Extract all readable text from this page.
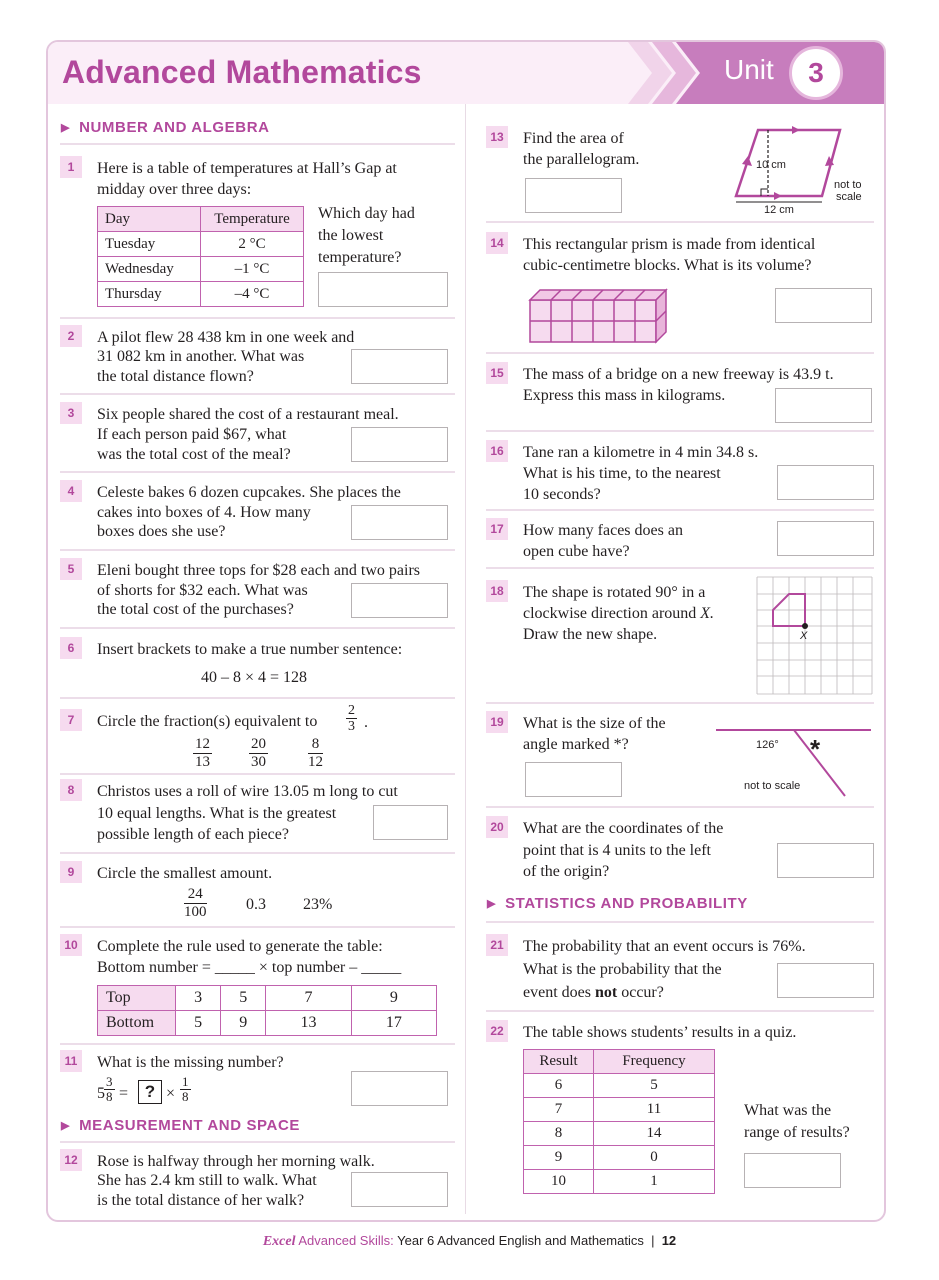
Advanced Mathematics	Unit	3
▶ NUMBER AND ALGEBRA
1	Here is a table of temperatures at Hall’s Gap at
midday over three days:
Day	Temperature
Tuesday	2 °C
Wednesday	–1 °C
Thursday	–4 °C
Which day had
the lowest
temperature?
2	A pilot flew 28 438 km in one week and
31 082 km in another. What was
the total distance flown?
3	Six people shared the cost of a restaurant meal.
If each person paid $67, what
was the total cost of the meal?
4	Celeste bakes 6 dozen cupcakes. She places the
cakes into boxes of 4. How many
boxes does she use?
5	Eleni bought three tops for $28 each and two pairs
of shorts for $32 each. What was
the total cost of the purchases?
6	Insert brackets to make a true number sentence:
40 – 8 × 4 = 128
7	Circle the fraction(s) equivalent to $\frac{2}{3}$ .
$\frac{12}{13} \frac{20}{30}$	$\frac{8}{12}$
8	Christos uses a roll of wire 13.05 m long to cut
10 equal lengths. What is the greatest
possible length of each piece?
9	Circle the smallest amount.
$\frac{24}{100} 0.3$ 23%
10 Complete the rule used to generate the table:
Bottom number = _____ × top number – _____
Top	3	5	7	9
Bottom	5	9	13	17
11 What is the missing number?
$5 \frac{3}{8}$ = ? × $\frac{1}{8}$
▶ MEASUREMENT AND SPACE
12 Rose is halfway through her morning walk.
She has 2.4 km still to walk. What
is the total distance of her walk?
13 Find the area of
the parallelogram.	10 cm
12 cm
not to
scale
14 This rectangular prism is made from identical
cubic-centimetre blocks. What is its volume?
15 The mass of a bridge on a new freeway is 43.9 t.
Express this mass in kilograms.
16 Tane ran a kilometre in 4 min 34.8 s.
What is his time, to the nearest
10 seconds?
17 How many faces does an
open cube have?
18 The shape is rotated 90° in a
clockwise direction around X.
Draw the new shape.	X
19 What is the size of the
angle marked *?	126° *
not to scale
20 What are the coordinates of the
point that is 4 units to the left
of the origin?
▶ STATISTICS AND PROBABILITY
21 The probability that an event occurs is 76%.
What is the probability that the
event does not occur?
22 The table shows students’ results in a quiz.
Result	Frequency
6	5
7	11
8	14
9	0
10	1
What was the
range of results?
Excel Advanced Skills: Year 6 Advanced English and Mathematics | 12
